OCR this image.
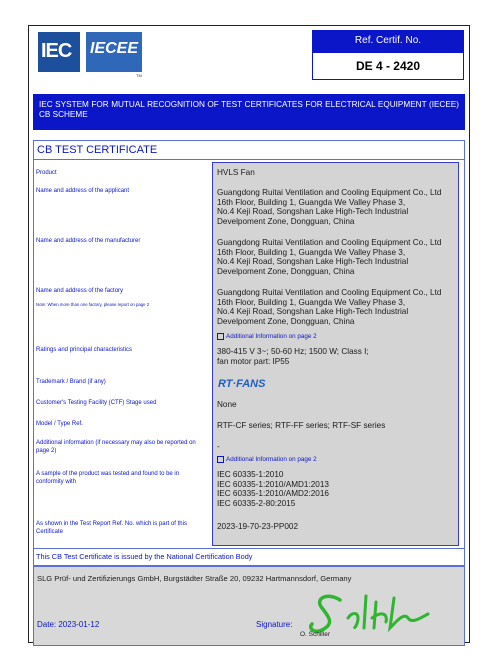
IEC IECEE
TM
Ref. Certif. No.
DE 4 - 2420
IEC SYSTEM FOR MUTUAL RECOGNITION OF TEST CERTIFICATES FOR ELECTRICAL EQUIPMENT (IECEE) CB SCHEME
CB TEST CERTIFICATE
Product	HVLS Fan
Name and address of the applicant	Guangdong Ruitai Ventilation and Cooling Equipment Co., Ltd
16th Floor, Building 1, Guangda We Valley Phase 3,
No.4 Keji Road, Songshan Lake High-Tech Industrial
Develpoment Zone, Dongguan, China
Name and address of the manufacturer	Guangdong Ruitai Ventilation and Cooling Equipment Co., Ltd
16th Floor, Building 1, Guangda We Valley Phase 3,
No.4 Keji Road, Songshan Lake High-Tech Industrial
Develpoment Zone, Dongguan, China
Name and address of the factory
Note: When more than one factory, please report on page 2
Guangdong Ruitai Ventilation and Cooling Equipment Co., Ltd
16th Floor, Building 1, Guangda We Valley Phase 3,
No.4 Keji Road, Songshan Lake High-Tech Industrial
Develpoment Zone, Dongguan, China
Additional Information on page 2
Ratings and principal characteristics	380-415 V 3~; 50-60 Hz; 1500 W; Class I;
fan motor part: IP55
Trademark / Brand (if any)	RT·FANS
Customer's Testing Facility (CTF) Stage used	None
Model / Type Ref.	RTF-CF series; RTF-FF series; RTF-SF series
Additional information (if necessary may also be reported on page 2)	-
Additional Information on page 2
A sample of the product was tested and found to be in conformity with
IEC 60335-1:2010
IEC 60335-1:2010/AMD1:2013
IEC 60335-1:2010/AMD2:2016
IEC 60335-2-80:2015
As shown in the Test Report Ref. No. which is part of this Certificate
2023-19-70-23-PP002
This CB Test Certificate is issued by the National Certification Body
SLG Prüf- und Zertifizierungs GmbH, Burgstädter Straße 20, 09232 Hartmannsdorf, Germany
Date: 2023-01-12	Signature:
O. Schiller
